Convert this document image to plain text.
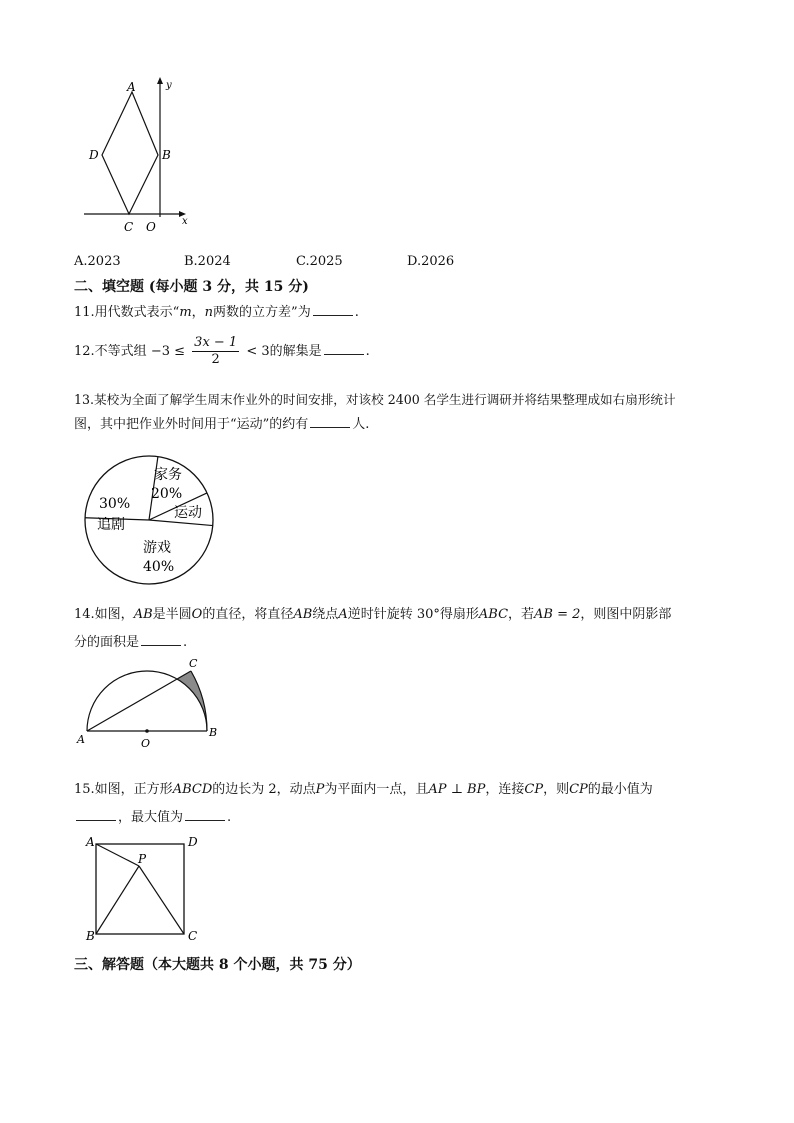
A
B
C
D
O
y
x
A.2023	B.2024	C.2025	D.2026
二、填空题 (每小题 3 分，共 15 分)
11.用代数式表示“m，n两数的立方差”为	.
12.不等式组 $-3 \le \frac{3x - 1}{2} < 3$的解集是	.
13.某校为全面了解学生周末作业外的时间安排，对该校 2400 名学生进行调研并将结果整理成如右扇形统计
图，其中把作业外时间用于“运动”的约有	人.
家务
20%
运动
30%
追剧
游戏
40%
14.如图，AB是半圆O的直径，将直径AB绕点A逆时针旋转 30°得扇形ABC，若AB = 2，则图中阴影部
分的面积是	.
A
B
C
O
15.如图，正方形ABCD的边长为 2，动点P为平面内一点，且AP ⊥ BP，连接CP，则CP的最小值为
，最大值为	.
A	D
B	C
P
三、解答题（本大题共 8 个小题，共 75 分）
